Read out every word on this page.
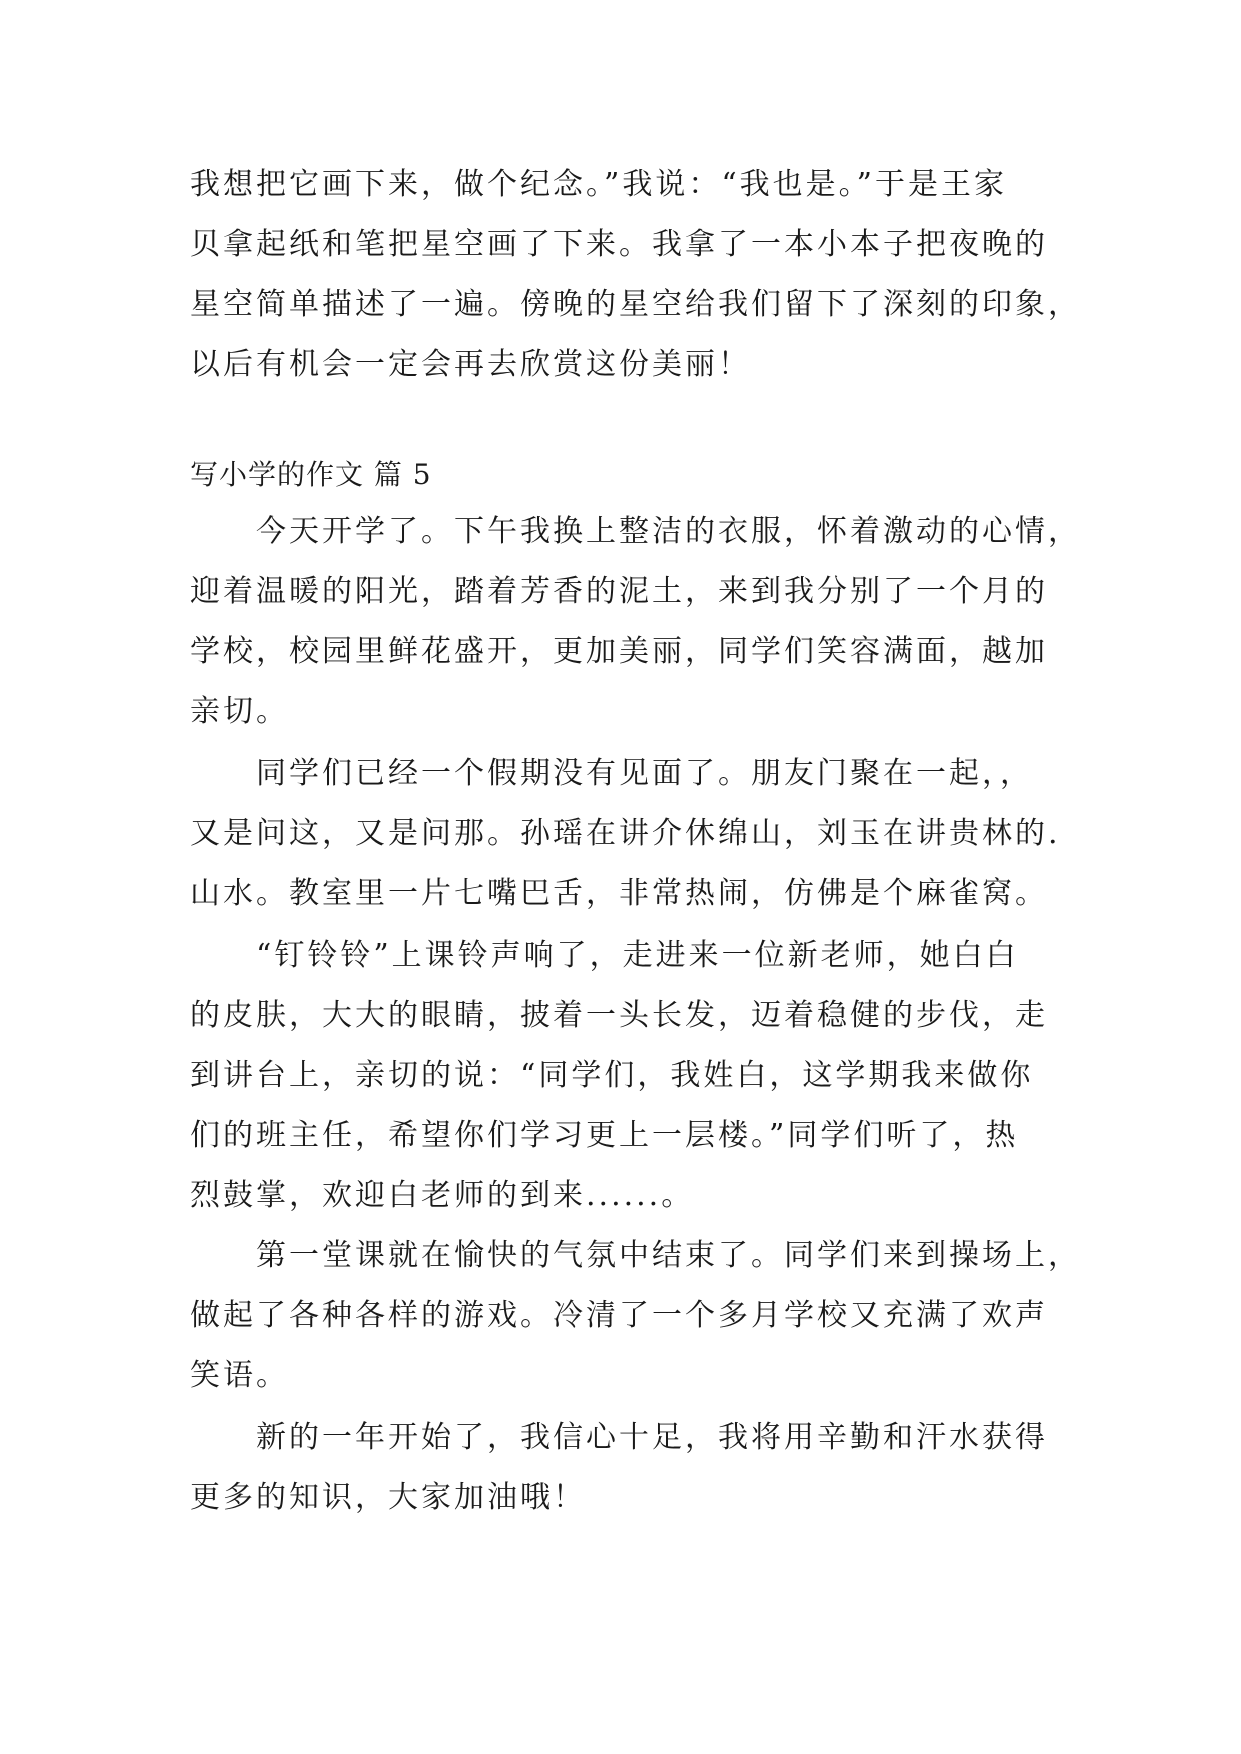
我想把它画下来，做个纪念。”我说：“我也是。”于是王家
贝拿起纸和笔把星空画了下来。我拿了一本小本子把夜晚的
星空简单描述了一遍。傍晚的星空给我们留下了深刻的印象，
以后有机会一定会再去欣赏这份美丽！
写小学的作文 篇 5
今天开学了。下午我换上整洁的衣服，怀着激动的心情，
迎着温暖的阳光，踏着芳香的泥土，来到我分别了一个月的
学校，校园里鲜花盛开，更加美丽，同学们笑容满面，越加
亲切。
同学们已经一个假期没有见面了。朋友门聚在一起，，
又是问这，又是问那。孙瑶在讲介休绵山，刘玉在讲贵林的.
山水。教室里一片七嘴巴舌，非常热闹，仿佛是个麻雀窝。
“钉铃铃”上课铃声响了，走进来一位新老师，她白白
的皮肤，大大的眼睛，披着一头长发，迈着稳健的步伐，走
到讲台上，亲切的说：“同学们，我姓白，这学期我来做你
们的班主任，希望你们学习更上一层楼。”同学们听了，热
烈鼓掌，欢迎白老师的到来......。
第一堂课就在愉快的气氛中结束了。同学们来到操场上，
做起了各种各样的游戏。冷清了一个多月学校又充满了欢声
笑语。
新的一年开始了，我信心十足，我将用辛勤和汗水获得
更多的知识，大家加油哦！
